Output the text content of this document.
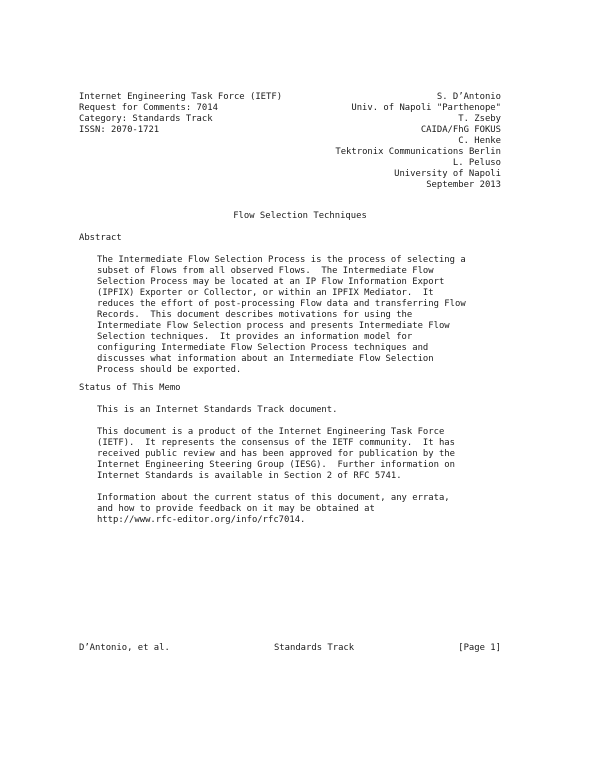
Internet Engineering Task Force (IETF)	S. D’Antonio
Request for Comments: 7014	Univ. of Napoli "Parthenope"
Category: Standards Track	T. Zseby
ISSN: 2070-1721	CAIDA/FhG FOKUS
C. Henke
Tektronix Communications Berlin
L. Peluso
University of Napoli
September 2013
Flow Selection Techniques
Abstract
The Intermediate Flow Selection Process is the process of selecting a
subset of Flows from all observed Flows.  The Intermediate Flow
Selection Process may be located at an IP Flow Information Export
(IPFIX) Exporter or Collector, or within an IPFIX Mediator.  It
reduces the effort of post-processing Flow data and transferring Flow
Records.  This document describes motivations for using the
Intermediate Flow Selection process and presents Intermediate Flow
Selection techniques.  It provides an information model for
configuring Intermediate Flow Selection Process techniques and
discusses what information about an Intermediate Flow Selection
Process should be exported.
Status of This Memo
This is an Internet Standards Track document.
This document is a product of the Internet Engineering Task Force
(IETF).  It represents the consensus of the IETF community.  It has
received public review and has been approved for publication by the
Internet Engineering Steering Group (IESG).  Further information on
Internet Standards is available in Section 2 of RFC 5741.
Information about the current status of this document, any errata,
and how to provide feedback on it may be obtained at
http://www.rfc-editor.org/info/rfc7014.
D’Antonio, et al.	Standards Track	[Page 1]
